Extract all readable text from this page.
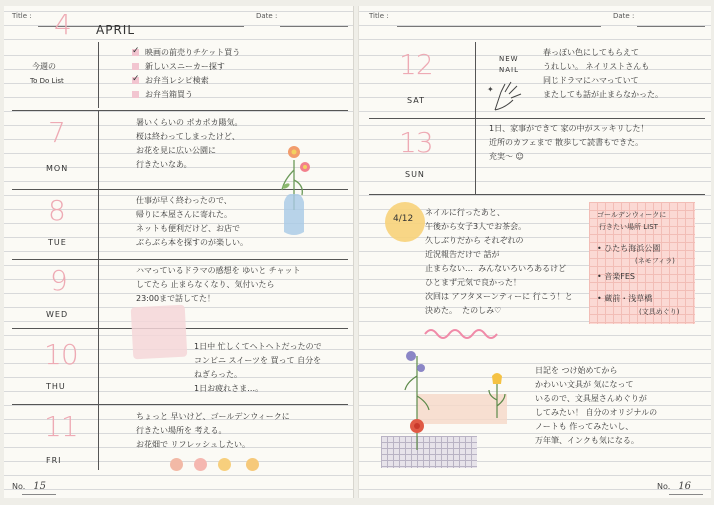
Title :	Date :
4 APRIL
今週の
To Do List
✓ 映画の前売りチケット買う
新しいスニーカー探す
✓ お弁当レシピ検索
お弁当箱買う
7
MON
暑いくらいの ポカポカ陽気。
桜は終わってしまったけど、
お花を見に広い公園に
行きたいなあ。
8
TUE
仕事が早く終わったので、
帰りに本屋さんに寄れた。
ネットも便利だけど、お店で
ぶらぶら本を探すのが楽しい。
9
WED
ハマっているドラマの感想を ゆいと チャット
してたら 止まらなくなり、気付いたら
23:00まで話してた！
10
THU
1日中 忙しくてヘトヘトだったので
コンビニ スイーツを 買って 自分を
ねぎらった。
1日お疲れさま…。
11
FRI
ちょっと 早いけど、ゴールデンウィークに
行きたい場所を 考える。
お花畑で リフレッシュしたい。
No. 15
Title :	Date :
12
SAT
春っぽい色にしてもらえて
うれしい。 ネイリストさんも
同じドラマにハマっていて
またしても話が止まらなかった。
NEW
NAIL
✦
13
SUN
1日、家事ができて 家の中がスッキリした！
近所のカフェまで 散歩して読書もできた。
充実～ ☺
4/12
ネイルに行ったあと、
午後から女子3人でお茶会。
久しぶりだから それぞれの
近況報告だけで 話が
止まらない…  みんないろいろあるけど
ひとまず元気で良かった！
次回は アフタヌーンティーに 行こう！と
決めた。  たのしみ♡
ゴールデンウィークに
行きたい場所 LIST
• ひたち海浜公園
(ネモフィラ)
• 音楽FES
• 蔵前・浅草橋
(文具めぐり)
日記を つけ始めてから
かわいい文具が 気になって
いるので、文具屋さんめぐりが
してみたい！ 自分のオリジナルの
ノートも 作ってみたいし、
万年筆、インクも気になる。
No. 16
